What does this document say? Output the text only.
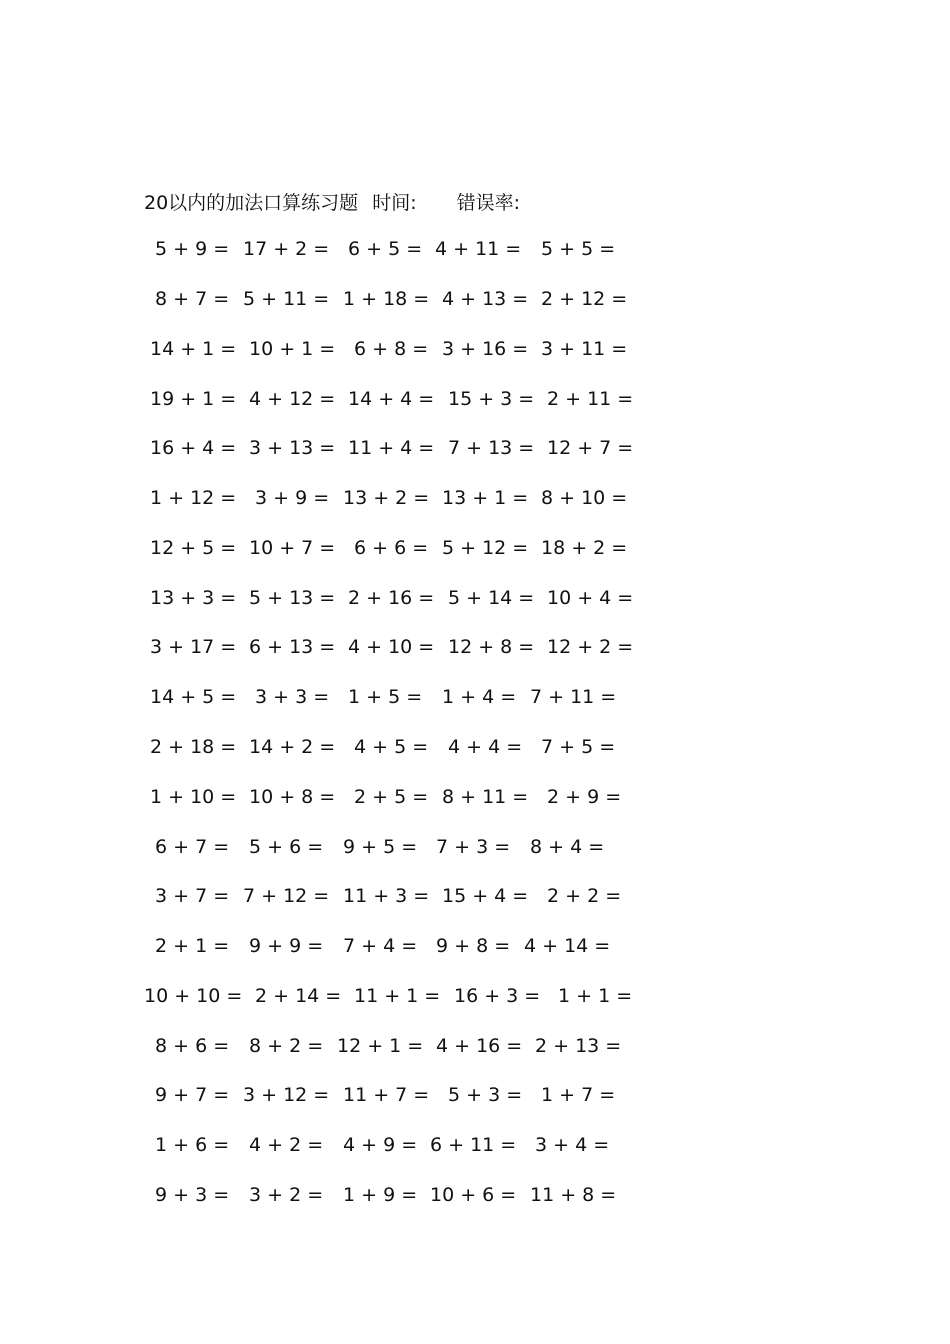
20以内的加法口算练习题 时间: 错误率:
5 + 9 = 17 + 2 = 6 + 5 = 4 + 11 = 5 + 5 =
8 + 7 = 5 + 11 = 1 + 18 = 4 + 13 = 2 + 12 =
14 + 1 = 10 + 1 = 6 + 8 = 3 + 16 = 3 + 11 =
19 + 1 = 4 + 12 = 14 + 4 = 15 + 3 = 2 + 11 =
16 + 4 = 3 + 13 = 11 + 4 = 7 + 13 = 12 + 7 =
1 + 12 = 3 + 9 = 13 + 2 = 13 + 1 = 8 + 10 =
12 + 5 = 10 + 7 = 6 + 6 = 5 + 12 = 18 + 2 =
13 + 3 = 5 + 13 = 2 + 16 = 5 + 14 = 10 + 4 =
3 + 17 = 6 + 13 = 4 + 10 = 12 + 8 = 12 + 2 =
14 + 5 = 3 + 3 = 1 + 5 = 1 + 4 = 7 + 11 =
2 + 18 = 14 + 2 = 4 + 5 = 4 + 4 = 7 + 5 =
1 + 10 = 10 + 8 = 2 + 5 = 8 + 11 = 2 + 9 =
6 + 7 = 5 + 6 = 9 + 5 = 7 + 3 = 8 + 4 =
3 + 7 = 7 + 12 = 11 + 3 = 15 + 4 = 2 + 2 =
2 + 1 = 9 + 9 = 7 + 4 = 9 + 8 = 4 + 14 =
10 + 10 = 2 + 14 = 11 + 1 = 16 + 3 = 1 + 1 =
8 + 6 = 8 + 2 = 12 + 1 = 4 + 16 = 2 + 13 =
9 + 7 = 3 + 12 = 11 + 7 = 5 + 3 = 1 + 7 =
1 + 6 = 4 + 2 = 4 + 9 = 6 + 11 = 3 + 4 =
9 + 3 = 3 + 2 = 1 + 9 = 10 + 6 = 11 + 8 =
